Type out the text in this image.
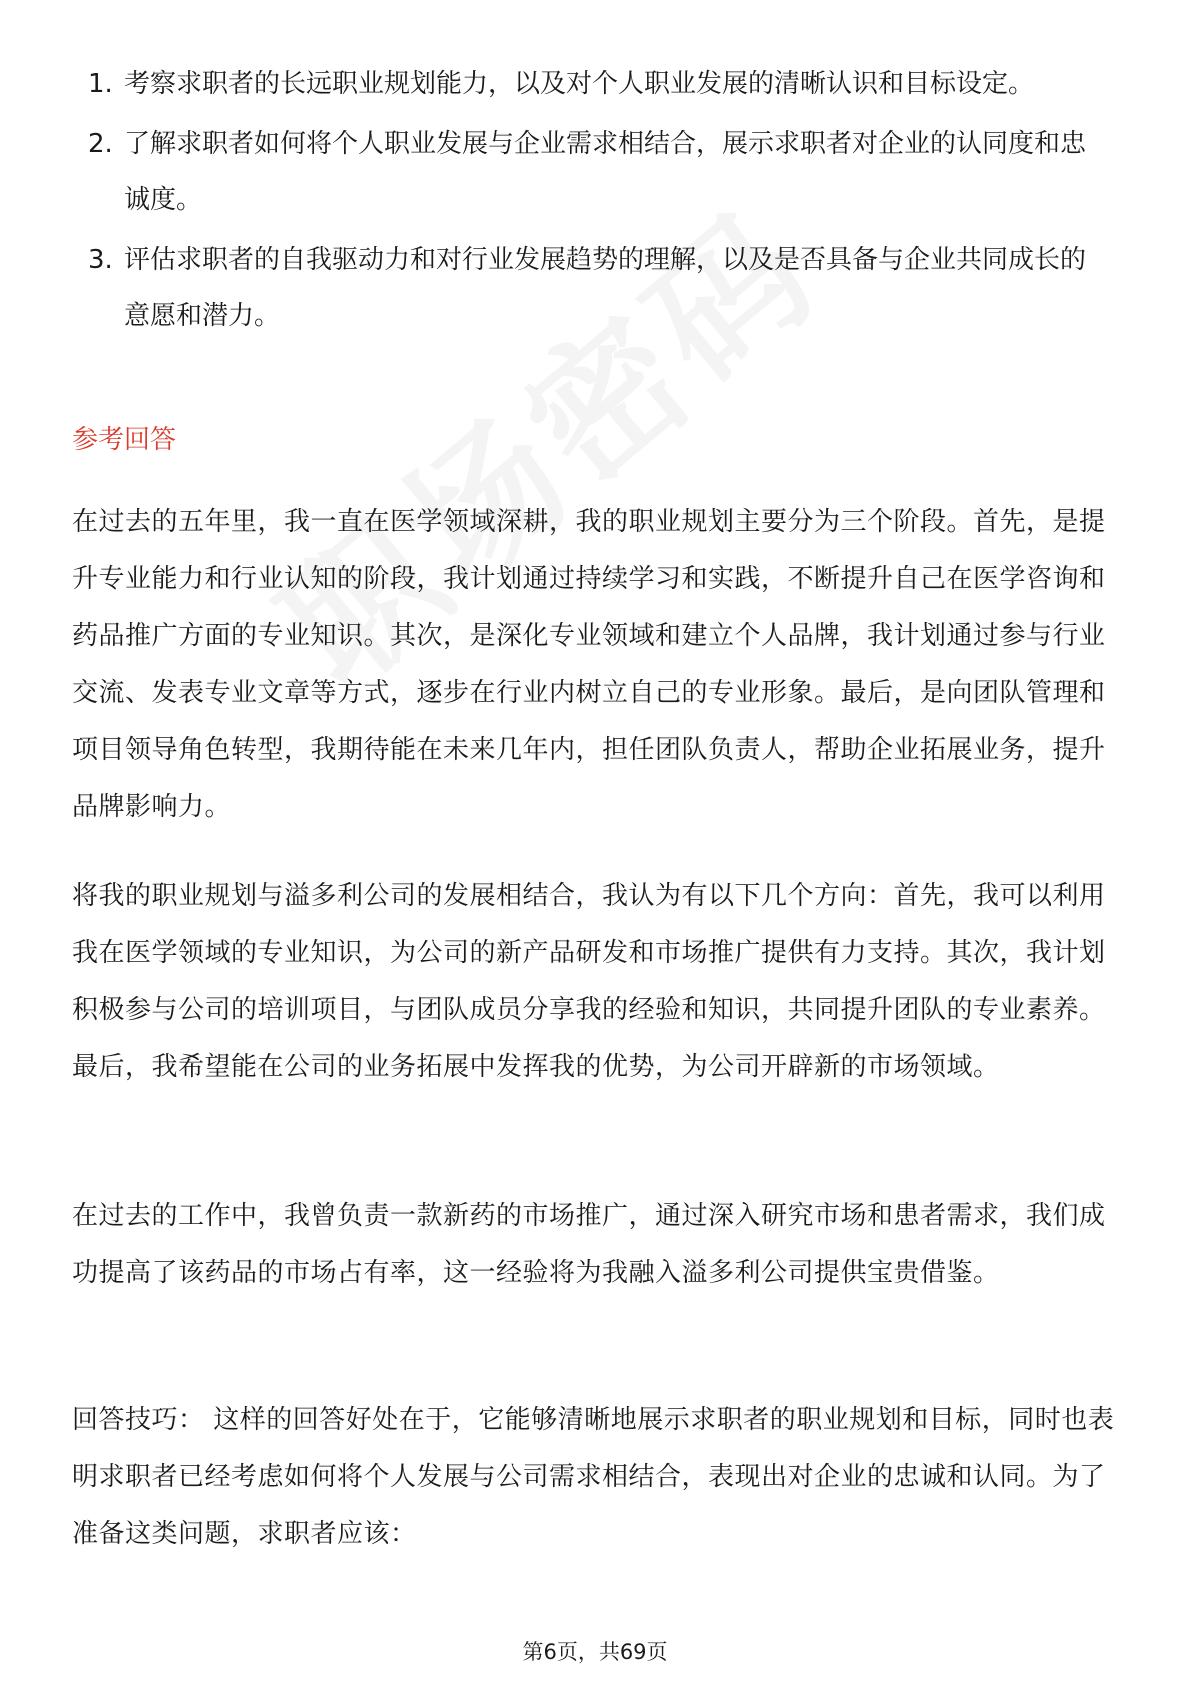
1. 考察求职者的长远职业规划能力，以及对个人职业发展的清晰认识和目标设定。
2. 了解求职者如何将个人职业发展与企业需求相结合，展示求职者对企业的认同度和忠诚度。
3. 评估求职者的自我驱动力和对行业发展趋势的理解，以及是否具备与企业共同成长的意愿和潜力。
参考回答

在过去的五年里，我一直在医学领域深耕，我的职业规划主要分为三个阶段。首先，是提升专业能力和行业认知的阶段，我计划通过持续学习和实践，不断提升自己在医学咨询和药品推广方面的专业知识。其次，是深化专业领域和建立个人品牌，我计划通过参与行业交流、发表专业文章等方式，逐步在行业内树立自己的专业形象。最后，是向团队管理和项目领导角色转型，我期待能在未来几年内，担任团队负责人，帮助企业拓展业务，提升品牌影响力。

将我的职业规划与溢多利公司的发展相结合，我认为有以下几个方向：首先，我可以利用我在医学领域的专业知识，为公司的新产品研发和市场推广提供有力支持。其次，我计划积极参与公司的培训项目，与团队成员分享我的经验和知识，共同提升团队的专业素养。最后，我希望能在公司的业务拓展中发挥我的优势，为公司开辟新的市场领域。

在过去的工作中，我曾负责一款新药的市场推广，通过深入研究市场和患者需求，我们成功提高了该药品的市场占有率，这一经验将为我融入溢多利公司提供宝贵借鉴。

回答技巧： 这样的回答好处在于，它能够清晰地展示求职者的职业规划和目标，同时也表明求职者已经考虑如何将个人发展与公司需求相结合，表现出对企业的忠诚和认同。为了准备这类问题，求职者应该：

第6页，共69页
